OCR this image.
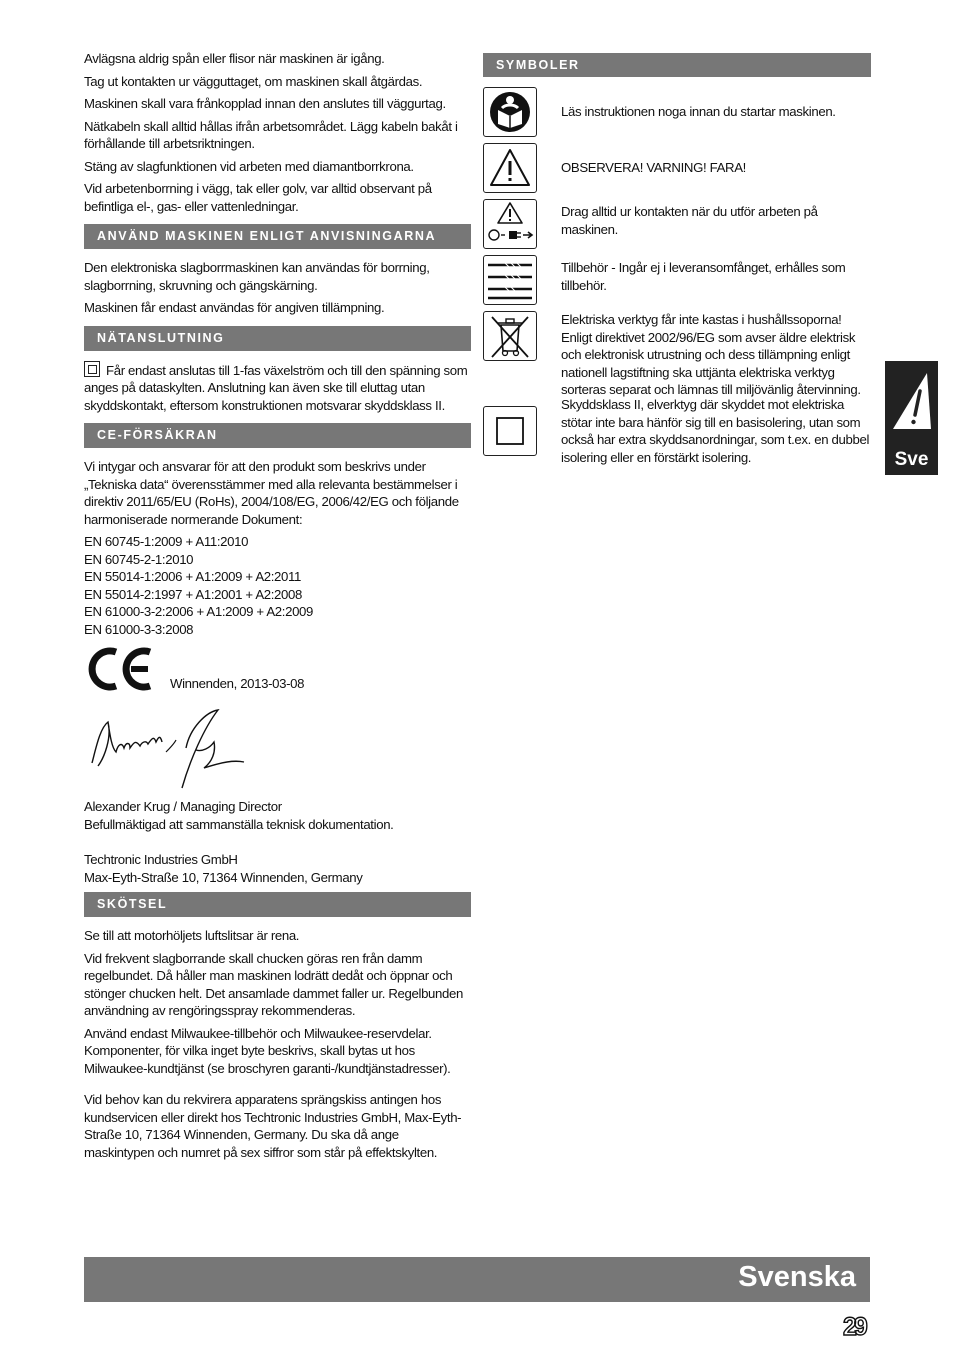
Avlägsna aldrig spån eller flisor när maskinen är igång.

Tag ut kontakten ur vägguttaget, om maskinen skall åtgärdas.

Maskinen skall vara frånkopplad innan den anslutes till väggurtag.

Nätkabeln skall alltid hållas ifrån arbetsområdet. Lägg kabeln bakåt i förhållande till arbetsriktningen.

Stäng av slagfunktionen vid arbeten med diamantborrkrona.

Vid arbetenborrning i vägg, tak eller golv, var alltid observant på befintliga el-, gas- eller vattenledningar.

ANVÄND MASKINEN ENLIGT ANVISNINGARNA

Den elektroniska slagborrmaskinen kan användas för borrning, slagborrning, skruvning och gängskärning.

Maskinen får endast användas för angiven tillämpning.

NÄTANSLUTNING

Får endast anslutas till 1-fas växelström och till den spänning som anges på dataskylten. Anslutning kan även ske till eluttag utan skyddskontakt, eftersom konstruktionen motsvarar skyddsklass II.

CE-FÖRSÄKRAN

Vi intygar och ansvarar för att den produkt som beskrivs under „Tekniska data“ överensstämmer med alla relevanta bestämmelser i direktiv 2011/65/EU (RoHs), 2004/108/EG, 2006/42/EG och följande harmoniserade normerande Dokument:

EN 60745-1:2009 + A11:2010

EN 60745-2-1:2010

EN 55014-1:2006 + A1:2009 + A2:2011

EN 55014-2:1997 + A1:2001 + A2:2008

EN 61000-3-2:2006 + A1:2009 + A2:2009

EN 61000-3-3:2008

Winnenden, 2013-03-08

Alexander Krug / Managing Director

Befullmäktigad att sammanställa teknisk dokumentation.

Techtronic Industries GmbH

Max-Eyth-Straße 10, 71364 Winnenden, Germany

SKÖTSEL

Se till att motorhöljets luftslitsar är rena.

Vid frekvent slagborrande skall chucken göras ren från damm regelbundet. Då håller man maskinen lodrätt dedåt och öppnar och stönger chucken helt. Det ansamlade dammet faller ur. Regelbunden användning av rengöringsspray rekommenderas.

Använd endast Milwaukee-tillbehör och Milwaukee-reservdelar. Komponenter, för vilka inget byte beskrivs, skall bytas ut hos Milwaukee-kundtjänst (se broschyren garanti-/kundtjänstadresser).

Vid behov kan du rekvirera apparatens sprängskiss antingen hos kundservicen eller direkt hos Techtronic Industries GmbH, Max-Eyth-Straße 10, 71364 Winnenden, Germany. Du ska då ange maskintypen och numret på sex siffror som står på effektskylten.

SYMBOLER

Läs instruktionen noga innan du startar maskinen.

OBSERVERA! VARNING! FARA!

Drag alltid ur kontakten när du utför arbeten på maskinen.

Tillbehör - Ingår ej i leveransomfånget, erhålles som tillbehör.

Elektriska verktyg får inte kastas i hushållssoporna! Enligt direktivet 2002/96/EG som avser äldre elektrisk och elektronisk utrustning och dess tillämpning enligt nationell lagstiftning ska uttjänta elektriska verktyg sorteras separat och lämnas till miljövänlig återvinning.

Skyddsklass II, elverktyg där skyddet mot elektriska stötar inte bara hänför sig till en basisolering, utan som också har extra skyddsanordningar, som t.ex. en dubbel isolering eller en förstärkt isolering.	Sve
Svenska
29
